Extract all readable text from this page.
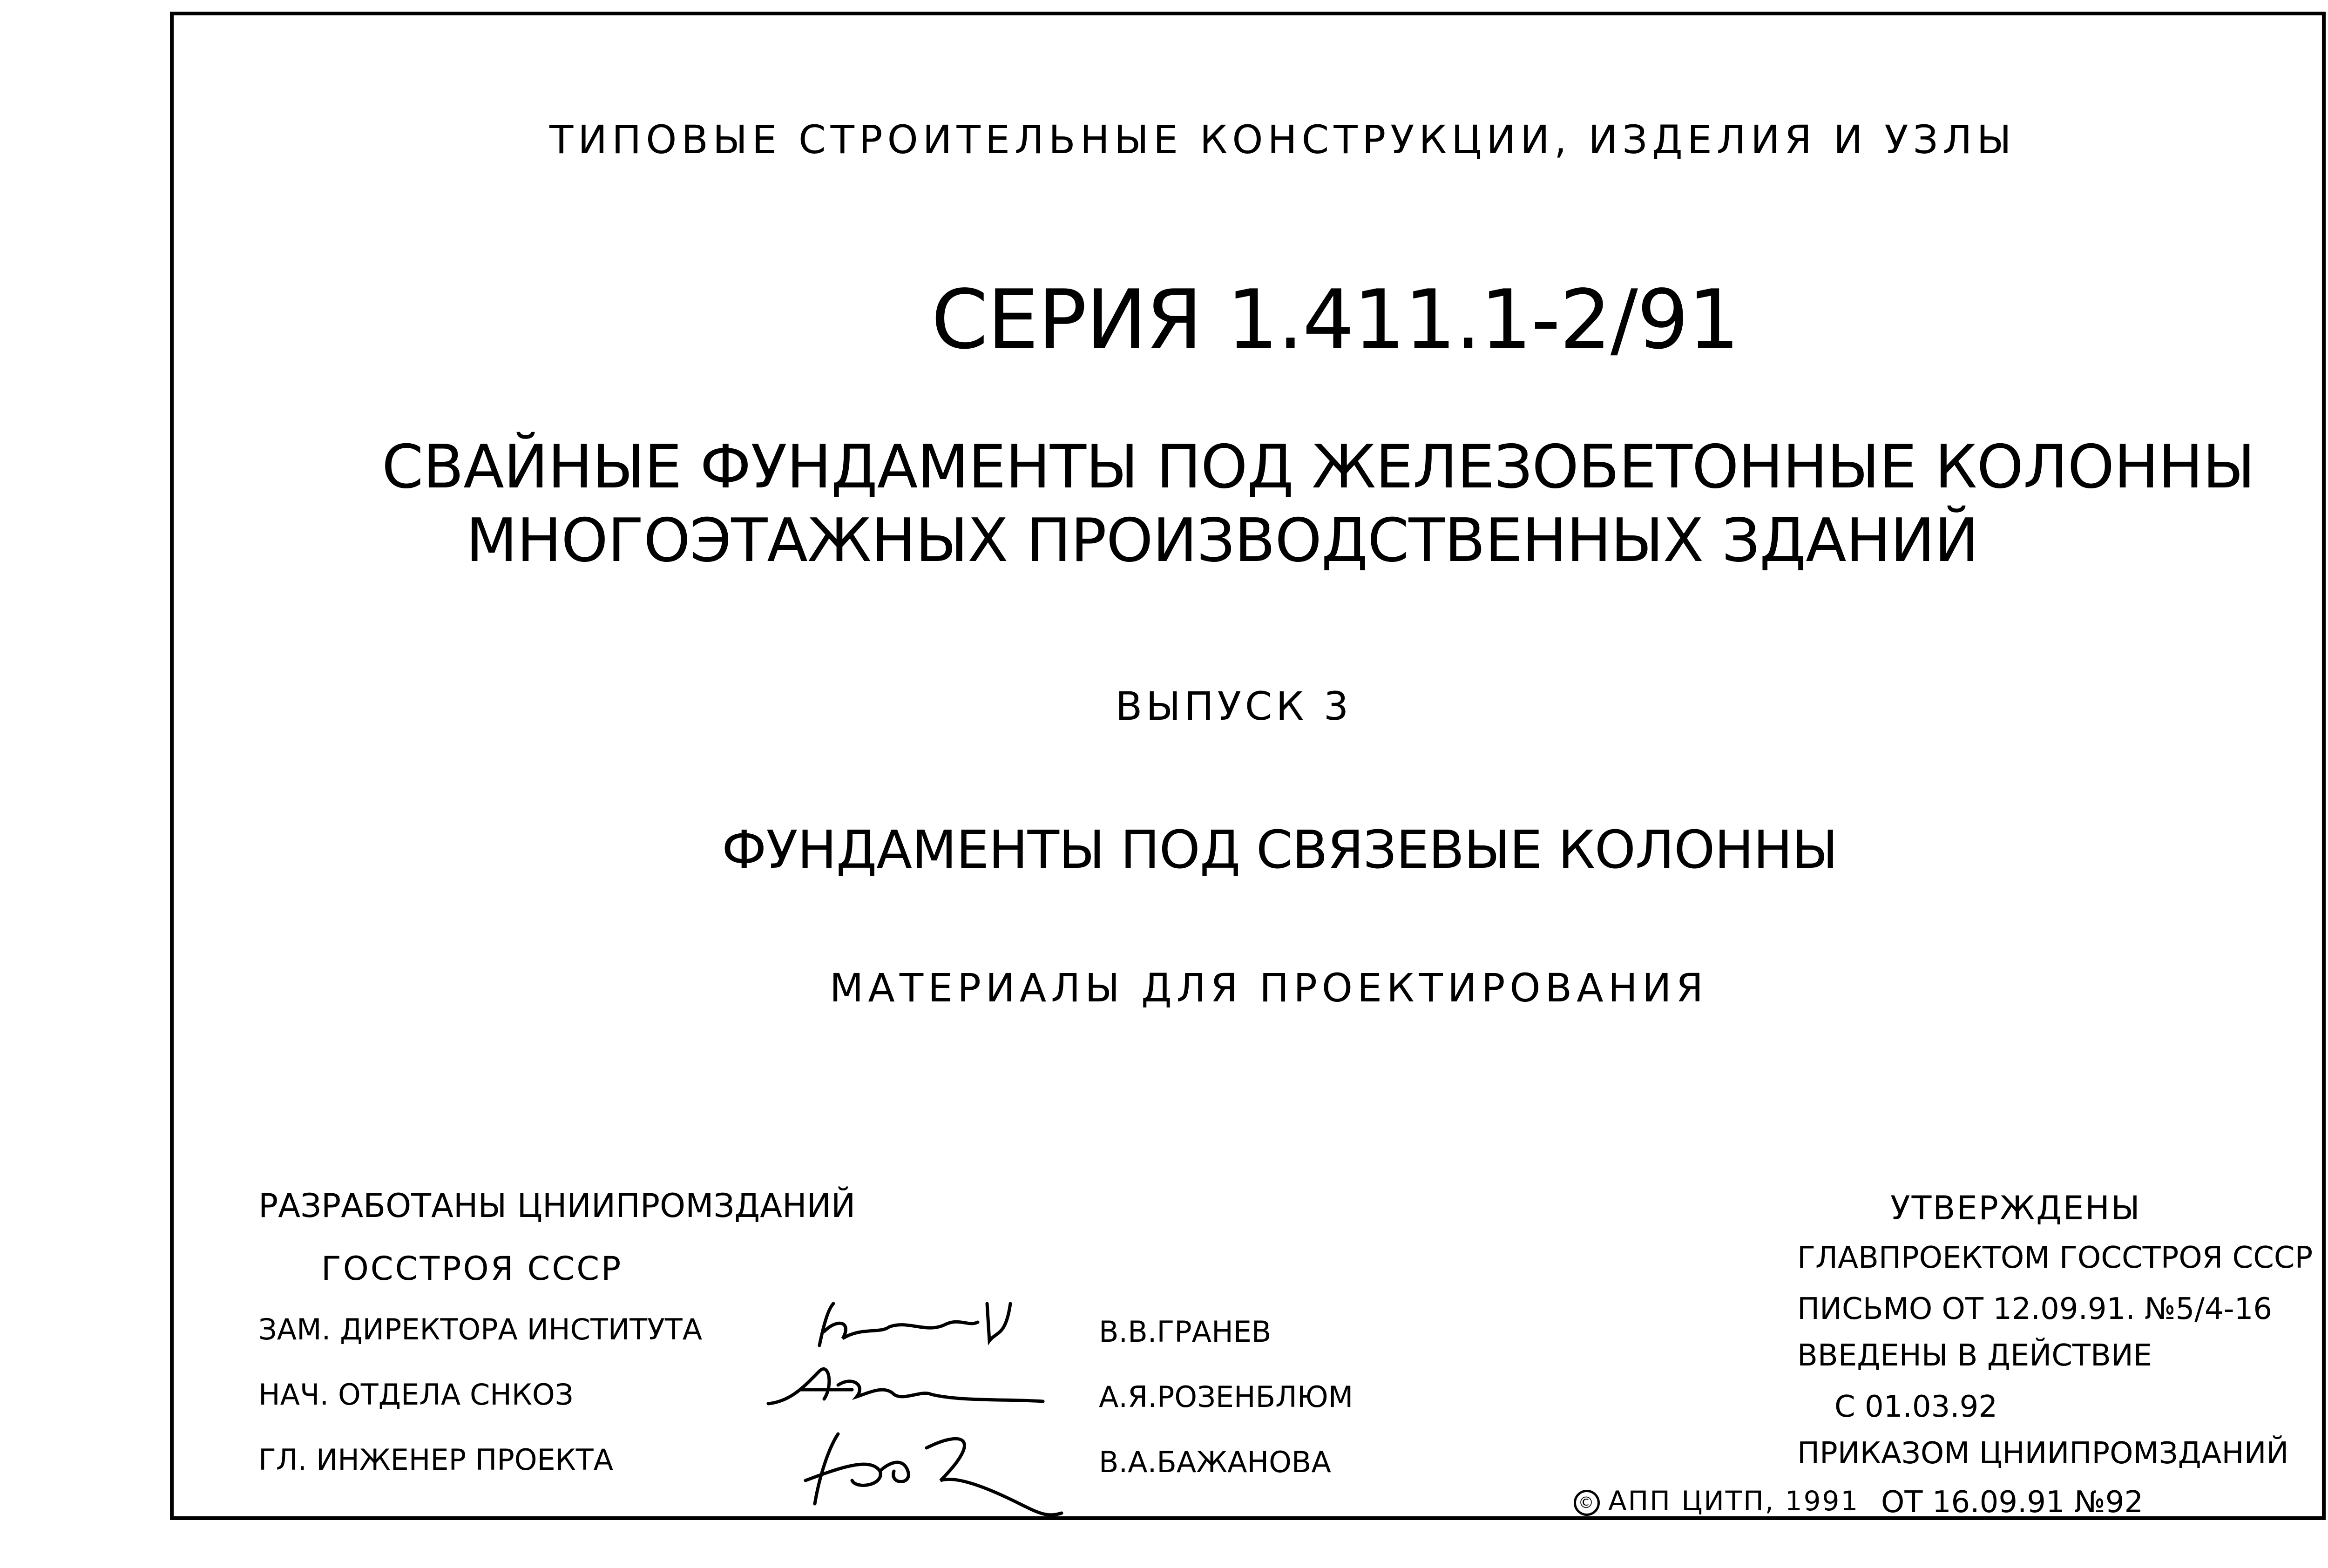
ТИПОВЫЕ СТРОИТЕЛЬНЫЕ КОНСТРУКЦИИ, ИЗДЕЛИЯ И УЗЛЫ
СЕРИЯ 1.411.1-2/91
СВАЙНЫЕ ФУНДАМЕНТЫ ПОД ЖЕЛЕЗОБЕТОННЫЕ КОЛОННЫ
МНОГОЭТАЖНЫХ ПРОИЗВОДСТВЕННЫХ ЗДАНИЙ
ВЫПУСК 3
ФУНДАМЕНТЫ ПОД СВЯЗЕВЫЕ КОЛОННЫ
МАТЕРИАЛЫ ДЛЯ ПРОЕКТИРОВАНИЯ
РАЗРАБОТАНЫ ЦНИИПРОМЗДАНИЙ
ГОССТРОЯ СССР
ЗАМ. ДИРЕКТОРА ИНСТИТУТА
НАЧ. ОТДЕЛА СНКОЗ
ГЛ. ИНЖЕНЕР ПРОЕКТА
В.В.ГРАНЕВ
А.Я.РОЗЕНБЛЮМ
В.А.БАЖАНОВА
УТВЕРЖДЕНЫ
ГЛАВПРОЕКТОМ ГОССТРОЯ СССР
ПИСЬМО ОТ 12.09.91. №5/4-16
ВВЕДЕНЫ В ДЕЙСТВИЕ
С 01.03.92
ПРИКАЗОМ ЦНИИПРОМЗДАНИЙ
ОТ 16.09.91 №92
© АПП ЦИТП, 1991
